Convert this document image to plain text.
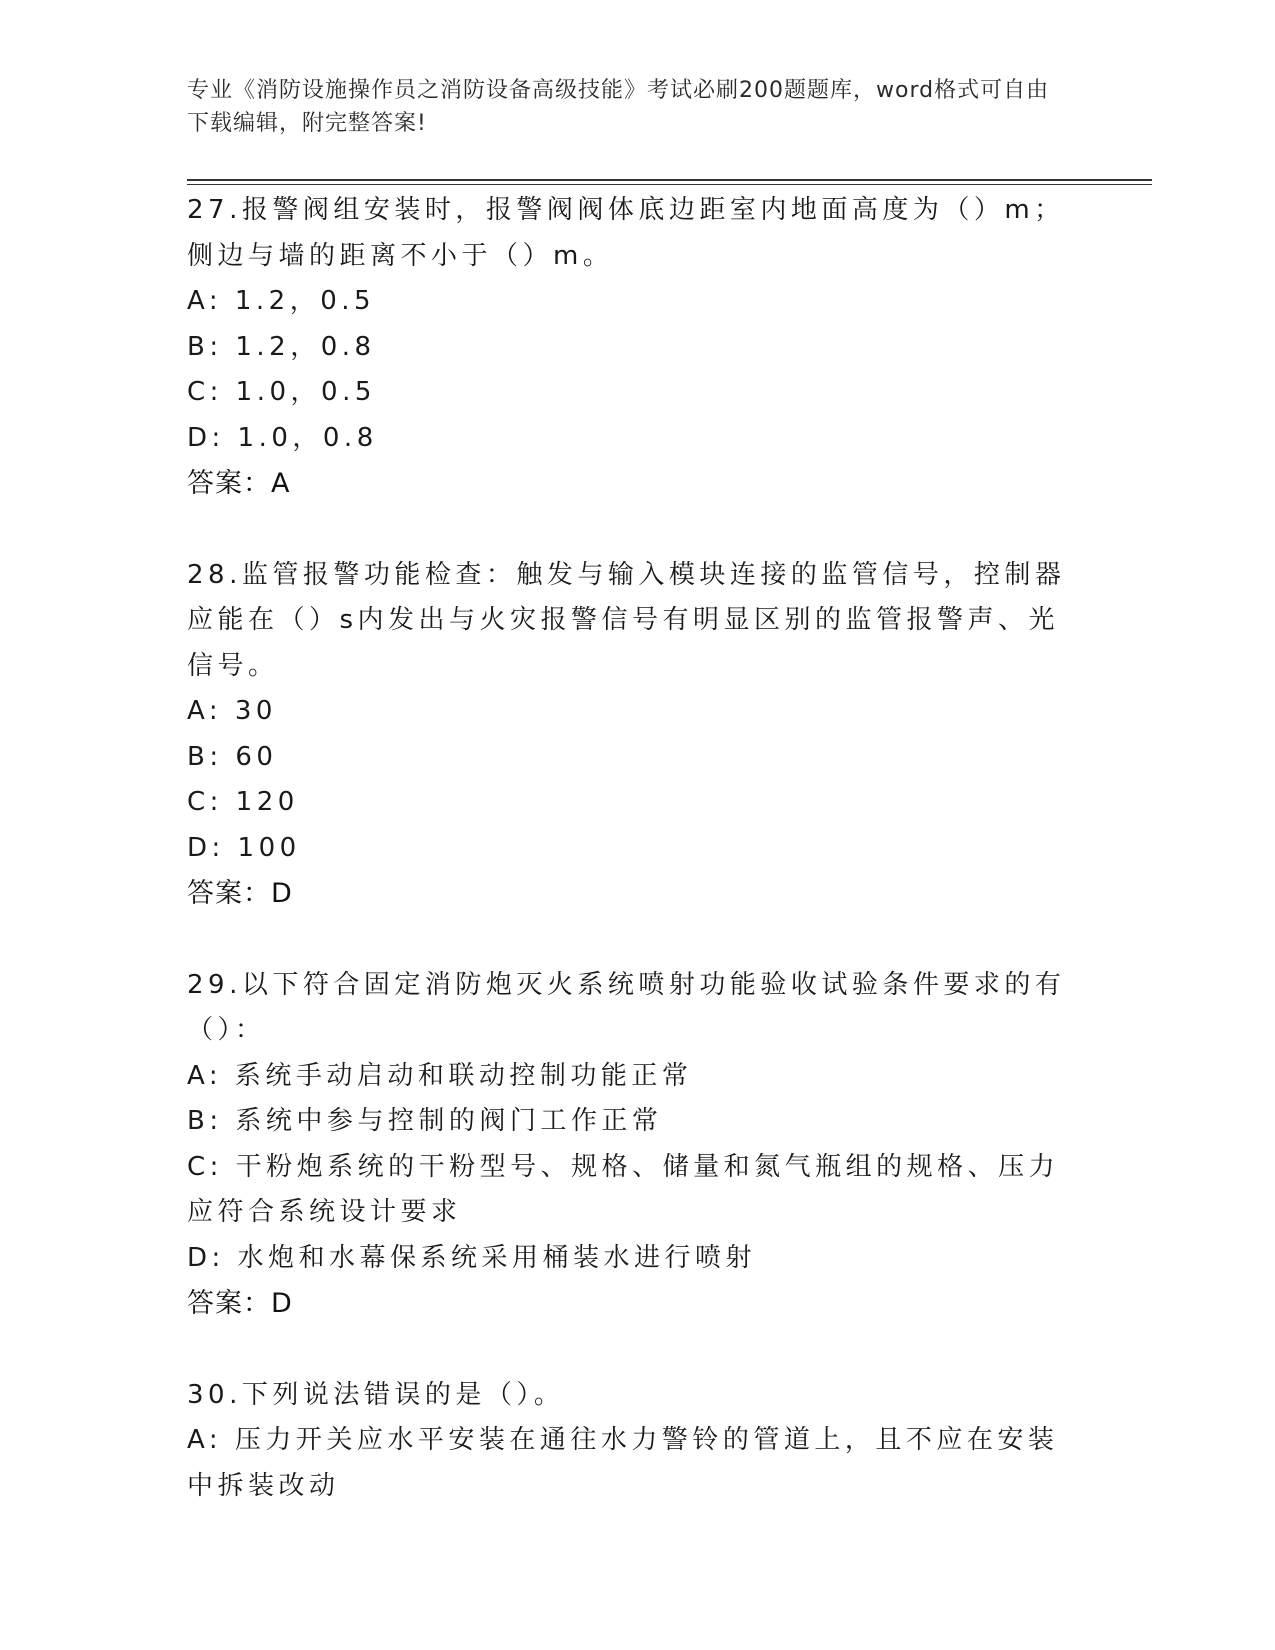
专业《消防设施操作员之消防设备高级技能》考试必刷200题题库，word格式可自由下载编辑，附完整答案!
27.报警阀组安装时，报警阀阀体底边距室内地面高度为（）m；侧边与墙的距离不小于（）m。
A: 1.2，0.5
B: 1.2，0.8
C: 1.0，0.5
D: 1.0，0.8
答案：A
28.监管报警功能检查：触发与输入模块连接的监管信号，控制器应能在（）s内发出与火灾报警信号有明显区别的监管报警声、光信号。
A: 30
B: 60
C: 120
D: 100
答案：D
29.以下符合固定消防炮灭火系统喷射功能验收试验条件要求的有（）：
A: 系统手动启动和联动控制功能正常
B: 系统中参与控制的阀门工作正常
C: 干粉炮系统的干粉型号、规格、储量和氮气瓶组的规格、压力应符合系统设计要求
D: 水炮和水幕保系统采用桶装水进行喷射
答案：D
30.下列说法错误的是（）。
A: 压力开关应水平安装在通往水力警铃的管道上，且不应在安装中拆装改动
